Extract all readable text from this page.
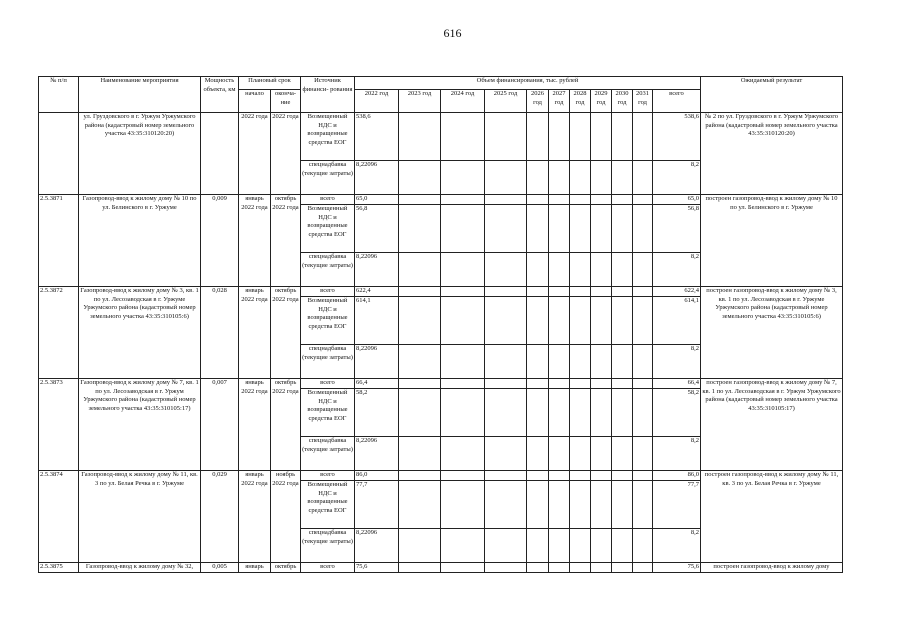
616
№ п/п	Наименование мероприятия	Мощность объекта, км	Плановый срок		Источник финанси- рования	Объем финансирования, тыс. рублей											Ожидаемый результат
			начало	оконча- ние		2022 год	2023 год	2024 год	2025 год	2026 год	2027 год	2028 год	2029 год	2030 год	2031 год	всего	

	ул. Груздовского в г. Уржум Уржумского района (кадастровый номер земельного участка 43:35:310120:20)		2022 года	2022 года	Возмещенный НДС и возвращенные средства ЕОГ	538,6										538,6	№ 2 по ул. Груздовского в г. Уржум Уржумского района (кадастровый номер земельного участка 43:35:310120:20)
					спецнадбавка (текущие затраты)	8,22096										8,2	
2.5.3871	Газопровод-ввод к жилому дому № 10 по ул. Белинского в г. Уржуме	0,009	январь 2022 года	октябрь 2022 года	всего	65,0										65,0	построен газопровод-ввод к жилому дому № 10 по ул. Белинского в г. Уржуме
					Возмещенный НДС и возвращенные средства ЕОГ	56,8										56,8	
					спецнадбавка (текущие затраты)	8,22096										8,2	
2.5.3872	Газопровод-ввод к жилому дому № 3, кв. 1 по ул. Лесозаводская в г. Уржуме Уржумского района (кадастровый номер земельного участка 43:35:310105:6)	0,028	январь 2022 года	октябрь 2022 года	всего	622,4										622,4	построен газопровод-ввод к жилому дому № 3, кв. 1 по ул. Лесозаводская в г. Уржуме Уржумского района (кадастровый номер земельного участка 43:35:310105:6)
					Возмещенный НДС и возвращенные средства ЕОГ	614,1										614,1	
					спецнадбавка (текущие затраты)	8,22096										8,2	
2.5.3873	Газопровод-ввод к жилому дому № 7, кв. 1 по ул. Лесозаводская в г. Уржум Уржумского района (кадастровый номер земельного участка 43:35:310105:17)	0,007	январь 2022 года	октябрь 2022 года	всего	66,4										66,4	построен газопровод-ввод к жилому дому № 7, кв. 1 по ул. Лесозаводская в г. Уржум Уржумского района (кадастровый номер земельного участка 43:35:310105:17)
					Возмещенный НДС и возвращенные средства ЕОГ	58,2										58,2	
					спецнадбавка (текущие затраты)	8,22096										8,2	
2.5.3874	Газопровод-ввод к жилому дому № 11, кв. 3 по ул. Белая Речка в г. Уржуме	0,029	январь 2022 года	ноябрь 2022 года	всего	86,0										86,0	построен газопровод-ввод к жилому дому № 11, кв. 3 по ул. Белая Речка в г. Уржуме
					Возмещенный НДС и возвращенные средства ЕОГ	77,7										77,7	
					спецнадбавка (текущие затраты)	8,22096										8,2	
2.5.3875	Газопровод-ввод к жилому дому № 32,	0,005	январь	октябрь	всего	75,6										75,6	построен газопровод-ввод к жилому дому
